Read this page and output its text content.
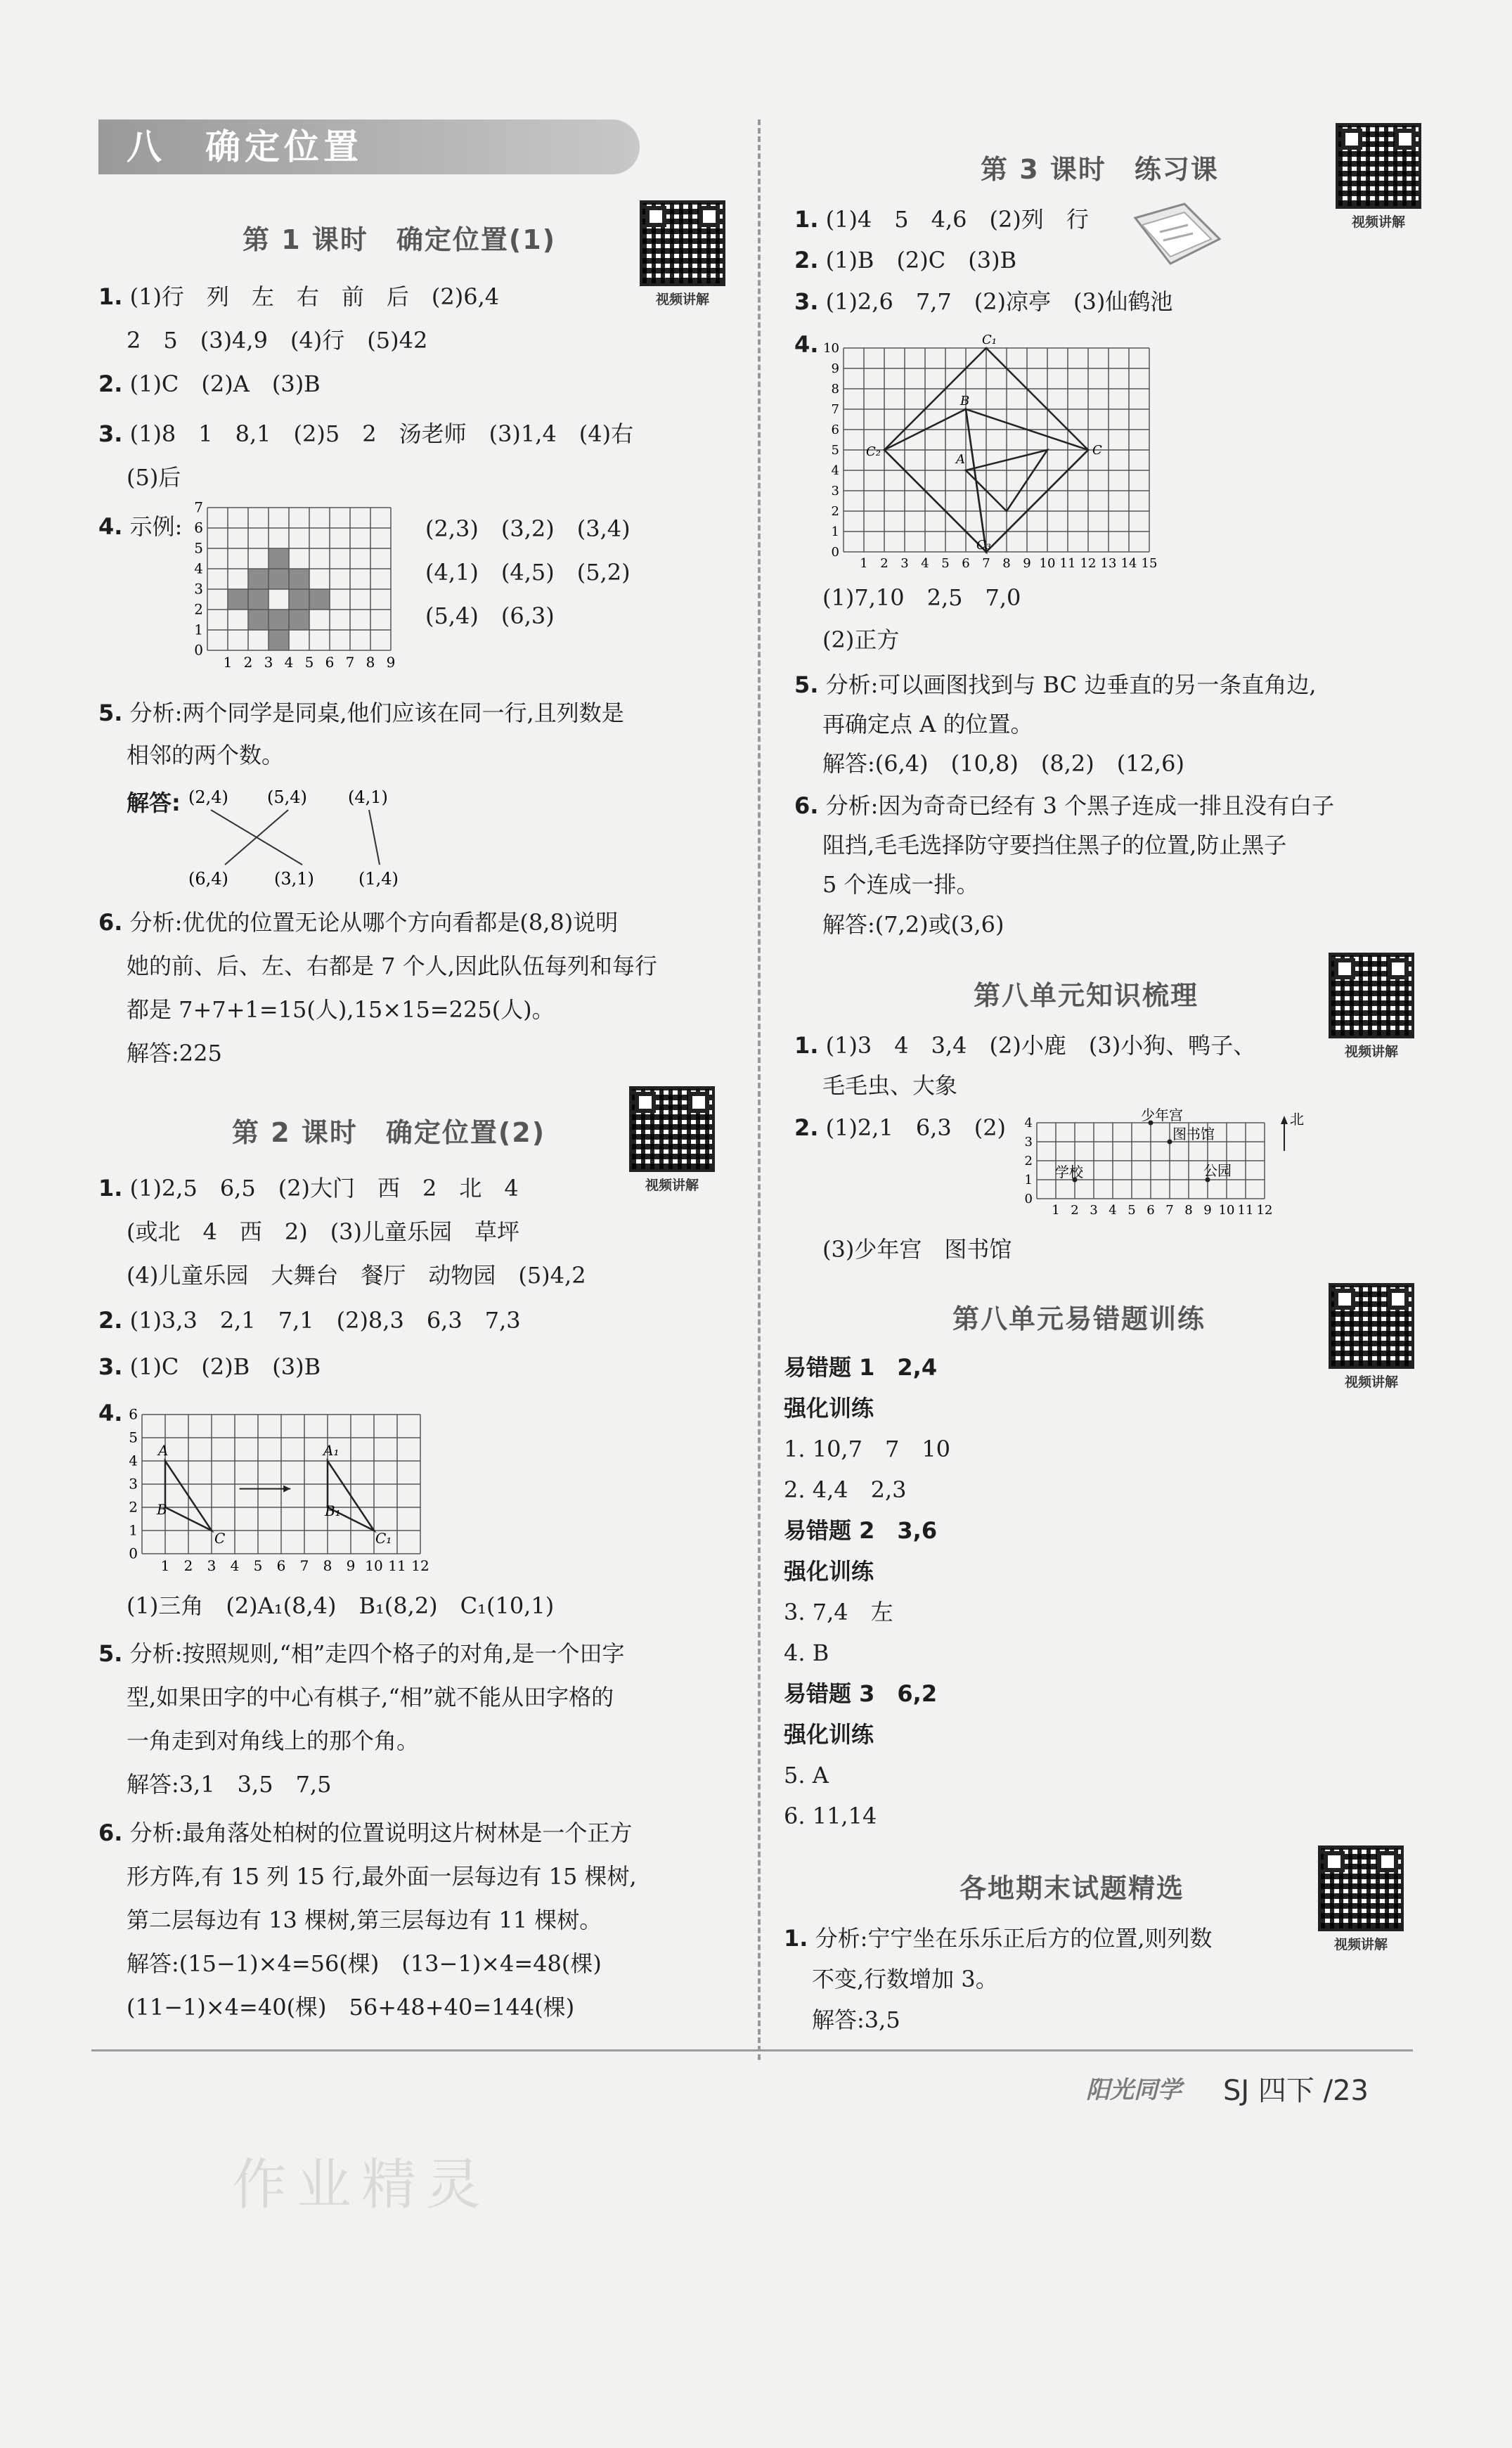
八　确定位置
第 1 课时　确定位置(1)
视频讲解
1. (1)行　列　左　右　前　后　(2)6,4
2　5　(3)4,9　(4)行　(5)42
2. (1)C　(2)A　(3)B
3. (1)8　1　8,1　(2)5　2　汤老师　(3)1,4　(4)右
(5)后
4. 示例:
1 2 3 4 5 6 7 8 9
1
2
3
4
5
6
7
0
(2,3)　(3,2)　(3,4)
(4,1)　(4,5)　(5,2)
(5,4)　(6,3)
5. 分析:两个同学是同桌,他们应该在同一行,且列数是
相邻的两个数。
解答: (2,4) (5,4) (4,1)
(6,4)	(3,1)	(1,4)
6. 分析:优优的位置无论从哪个方向看都是(8,8)说明
她的前、后、左、右都是 7 个人,因此队伍每列和每行
都是 7+7+1=15(人),15×15=225(人)。
解答:225
第 2 课时　确定位置(2)
视频讲解
1. (1)2,5　6,5　(2)大门　西　2　北　4
(或北　4　西　2)　(3)儿童乐园　草坪
(4)儿童乐园　大舞台　餐厅　动物园　(5)4,2
2. (1)3,3　2,1　7,1　(2)8,3　6,3　7,3
3. (1)C　(2)B　(3)B
4.
1 2 3 4 5 6 7 8 9 10 11 12
1
2
3
4
5
6
0
A
B
C
A₁
B₁
C₁
(1)三角　(2)A₁(8,4)　B₁(8,2)　C₁(10,1)
5. 分析:按照规则,“相”走四个格子的对角,是一个田字
型,如果田字的中心有棋子,“相”就不能从田字格的
一角走到对角线上的那个角。
解答:3,1　3,5　7,5
6. 分析:最角落处柏树的位置说明这片树林是一个正方
形方阵,有 15 列 15 行,最外面一层每边有 15 棵树,
第二层每边有 13 棵树,第三层每边有 11 棵树。
解答:(15−1)×4=56(棵)　(13−1)×4=48(棵)
(11−1)×4=40(棵)　56+48+40=144(棵)
第 3 课时　练习课
视频讲解
1. (1)4　5　4,6　(2)列　行
2. (1)B　(2)C　(3)B
3. (1)2,6　7,7　(2)凉亭　(3)仙鹤池
4.
1 2 3 4 5 6 7 8 9 10 11 12 13 14 15
1
2
3
4
5
6
7
8
9
10
0
C₁
C₂	C
C₃
B
A
(1)7,10　2,5　7,0
(2)正方
5. 分析:可以画图找到与 BC 边垂直的另一条直角边,
再确定点 A 的位置。
解答:(6,4)　(10,8)　(8,2)　(12,6)
6. 分析:因为奇奇已经有 3 个黑子连成一排且没有白子
阻挡,毛毛选择防守要挡住黑子的位置,防止黑子
5 个连成一排。
解答:(7,2)或(3,6)
第八单元知识梳理
视频讲解
1. (1)3　4　3,4　(2)小鹿　(3)小狗、鸭子、
毛毛虫、大象
2. (1)2,1　6,3　(2)
1 2 3 4 5 6 7 8 9 10 11 12
1
2
3
4
0
少年宫
图书馆
学校	公园
北
(3)少年宫　图书馆
第八单元易错题训练
视频讲解
易错题 1　2,4
强化训练
1. 10,7　7　10
2. 4,4　2,3
易错题 2　3,6
强化训练
3. 7,4　左
4. B
易错题 3　6,2
强化训练
5. A
6. 11,14
各地期末试题精选
视频讲解
1. 分析:宁宁坐在乐乐正后方的位置,则列数
不变,行数增加 3。
解答:3,5
阳光同学 SJ 四下 /23
作业精灵
